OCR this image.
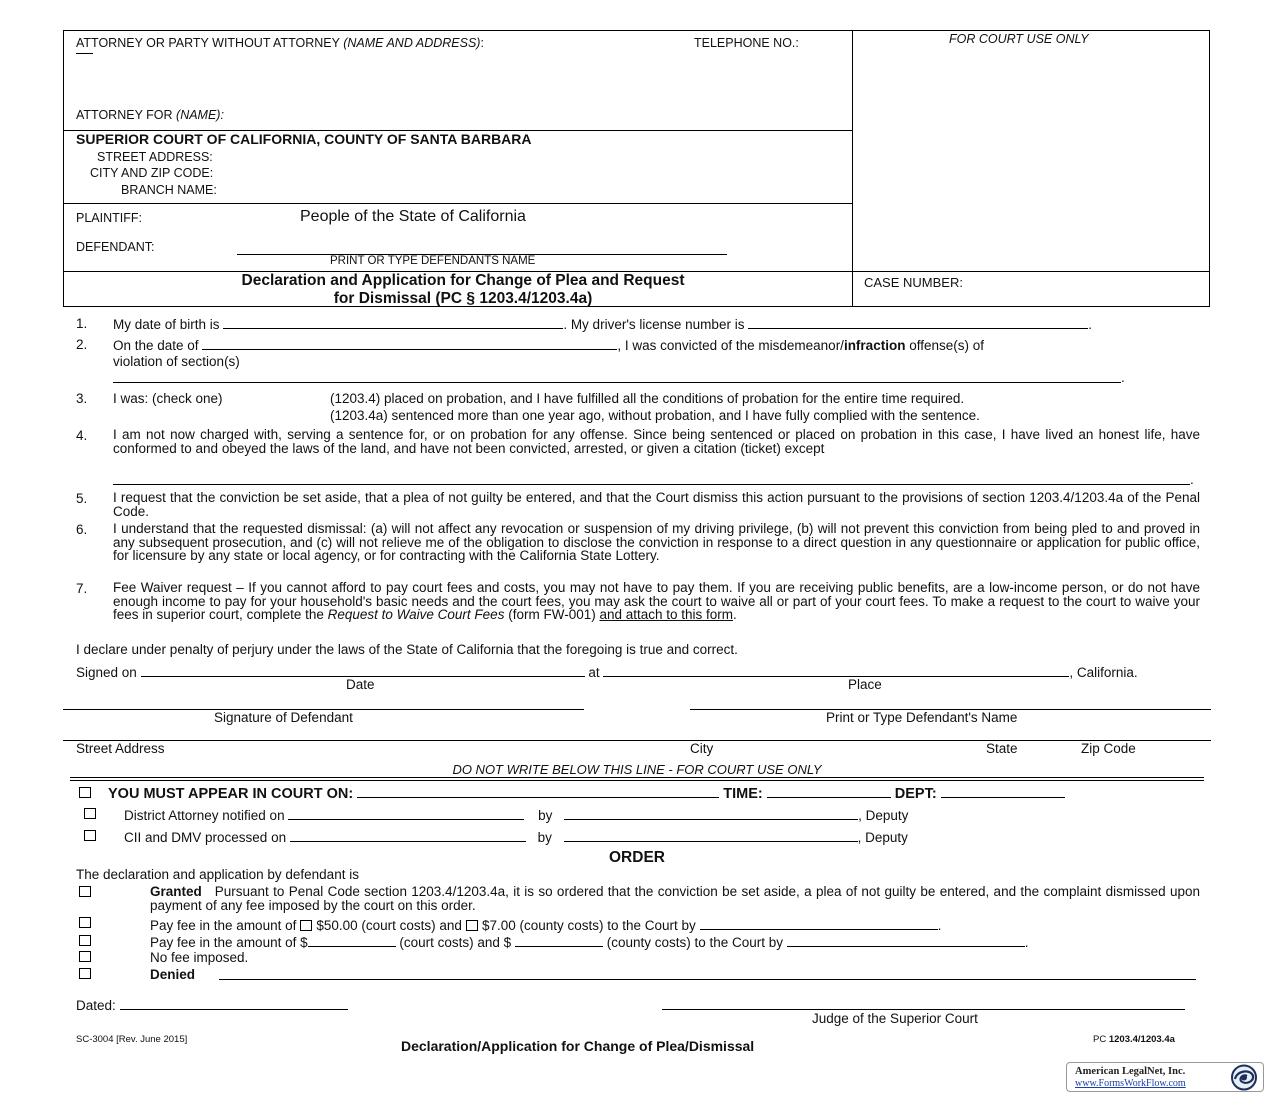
ATTORNEY OR PARTY WITHOUT ATTORNEY (NAME AND ADDRESS):	TELEPHONE NO.:	FOR COURT USE ONLY
ATTORNEY FOR (NAME):
SUPERIOR COURT OF CALIFORNIA, COUNTY OF SANTA BARBARA
STREET ADDRESS:
CITY AND ZIP CODE:
BRANCH NAME:
PLAINTIFF:	People of the State of California
DEFENDANT:
PRINT OR TYPE DEFENDANTS NAME
Declaration and Application for Change of Plea and Request
for Dismissal (PC § 1203.4/1203.4a)
CASE NUMBER:
1. My date of birth is	. My driver's license number is	.
2. On the date of	, I was convicted of the misdemeanor/infraction offense(s) of
violation of section(s)
.
3. I was: (check one)	(1203.4) placed on probation, and I have fulfilled all the conditions of probation for the entire time required.
(1203.4a) sentenced more than one year ago, without probation, and I have fully complied with the sentence.
4. I am not now charged with, serving a sentence for, or on probation for any offense. Since being sentenced or placed on probation in this case, I have lived an honest life, have conformed to and obeyed the laws of the land, and have not been convicted, arrested, or given a citation (ticket) except
.
5. I request that the conviction be set aside, that a plea of not guilty be entered, and that the Court dismiss this action pursuant to the provisions of section 1203.4/1203.4a of the Penal Code.
6. I understand that the requested dismissal: (a) will not affect any revocation or suspension of my driving privilege, (b) will not prevent this conviction from being pled to and proved in any subsequent prosecution, and (c) will not relieve me of the obligation to disclose the conviction in response to a direct question in any questionnaire or application for public office, for licensure by any state or local agency, or for contracting with the California State Lottery.
7. Fee Waiver request – If you cannot afford to pay court fees and costs, you may not have to pay them. If you are receiving public benefits, are a low-income person, or do not have enough income to pay for your household's basic needs and the court fees, you may ask the court to waive all or part of your court fees. To make a request to the court to waive your fees in superior court, complete the Request to Waive Court Fees (form FW-001) and attach to this form.
I declare under penalty of perjury under the laws of the State of California that the foregoing is true and correct.
Signed on	at	, California.
Date	Place
Signature of Defendant	Print or Type Defendant's Name
Street Address	City	State	Zip Code
DO NOT WRITE BELOW THIS LINE - FOR COURT USE ONLY
YOU MUST APPEAR IN COURT ON:	TIME:	DEPT:
District Attorney notified on	by	, Deputy
CII and DMV processed on	by	, Deputy
ORDER
The declaration and application by defendant is
Granted Pursuant to Penal Code section 1203.4/1203.4a, it is so ordered that the conviction be set aside, a plea of not guilty be entered, and the complaint dismissed upon payment of any fee imposed by the court on this order.
Pay fee in the amount of $50.00 (court costs) and $7.00 (county costs) to the Court by	.
Pay fee in the amount of $	(court costs) and $	(county costs) to the Court by	.
No fee imposed.
Denied
Dated:
Judge of the Superior Court
SC-3004 [Rev. June 2015]	Declaration/Application for Change of Plea/Dismissal	PC 1203.4/1203.4a
American LegalNet, Inc.
www.FormsWorkFlow.com
